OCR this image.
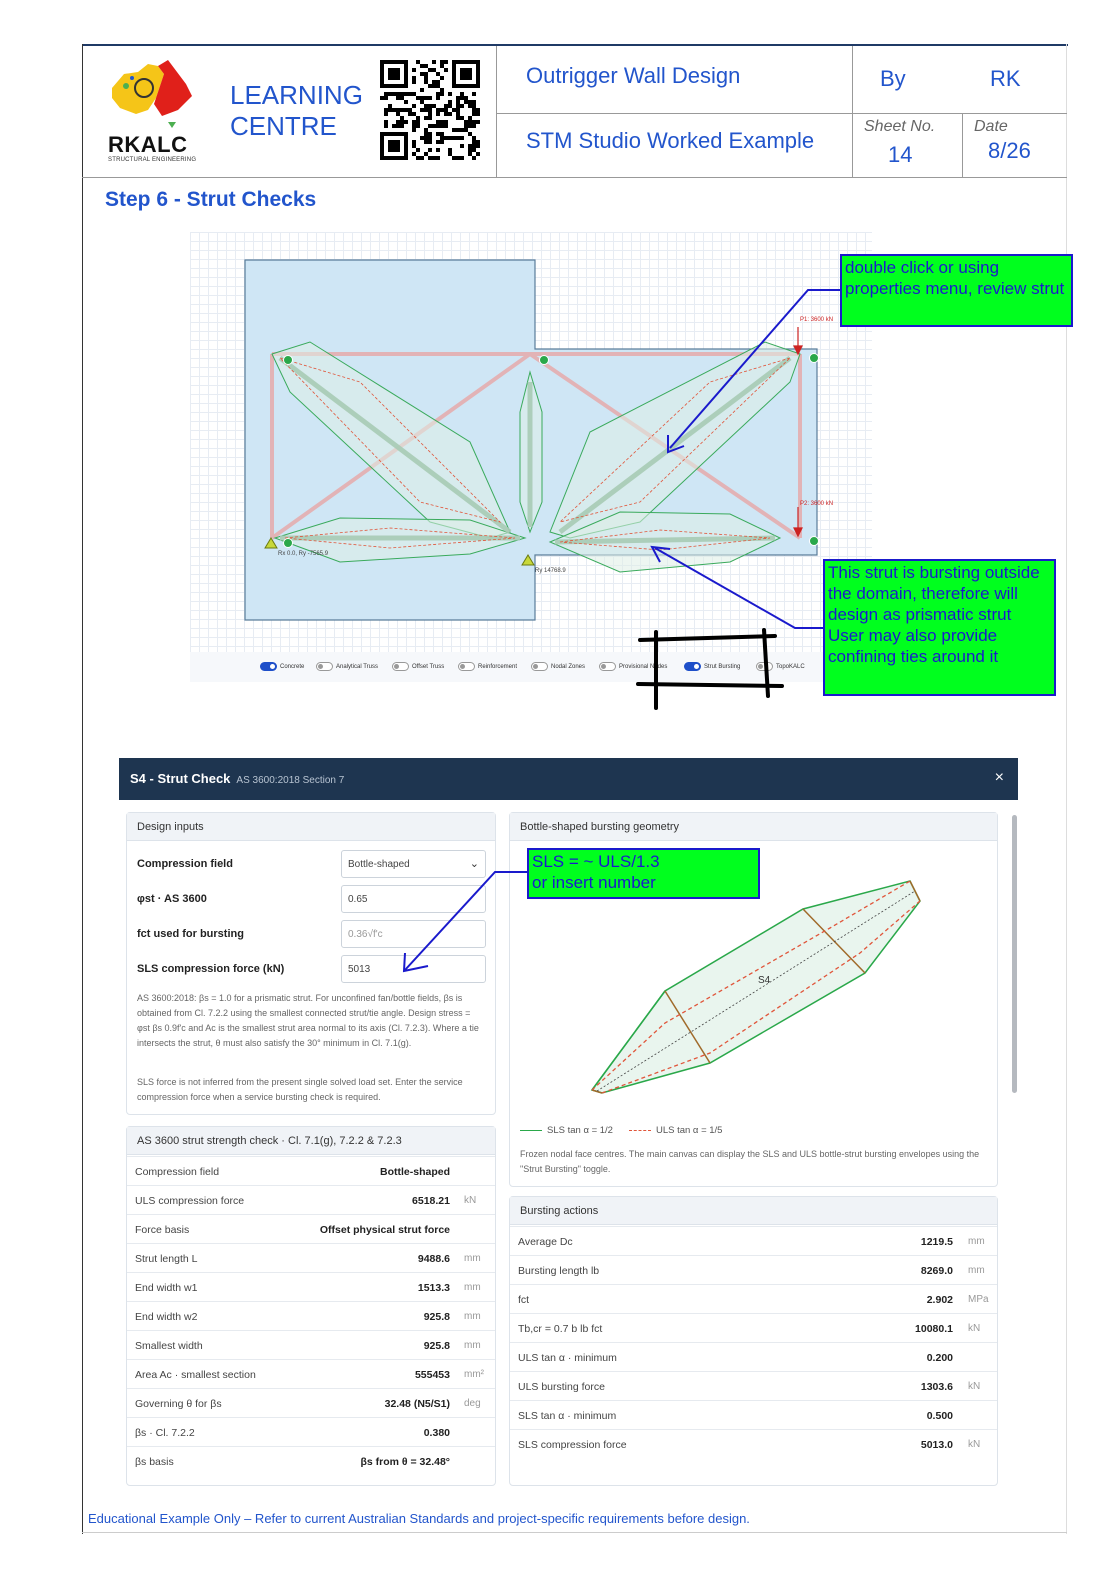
RKALC
STRUCTURAL ENGINEERING
LEARNING
CENTRE
Outrigger Wall Design
STM Studio Worked Example
By	RK
Sheet No.
14
Date
8/26
Step 6 - Strut Checks
P1: 3600 kN
P2: 3600 kN
Rx 0.0, Ry -7565.9
Ry 14768.9
Concrete	Analytical Truss	Offset Truss	Reinforcement	Nodal Zones	Provisional Nodes	Strut Bursting	TopoKALC
double click or using properties menu, review strut
This strut is bursting outside the domain, therefore will design as prismatic strut
User may also provide confining ties around it
S4 - Strut Check AS 3600:2018 Section 7	×
Design inputs
Compression field	Bottle-shaped	⌄
φst · AS 3600	0.65
fct used for bursting	0.36√f'c
SLS compression force (kN)	5013
AS 3600:2018: βs = 1.0 for a prismatic strut. For unconfined fan/bottle fields, βs is obtained from Cl. 7.2.2 using the smallest connected strut/tie angle. Design stress = φst βs 0.9f'c and Ac is the smallest strut area normal to its axis (Cl. 7.2.3). Where a tie intersects the strut, θ must also satisfy the 30° minimum in Cl. 7.1(g).
SLS force is not inferred from the present single solved load set. Enter the service compression force when a service bursting check is required.
AS 3600 strut strength check · Cl. 7.1(g), 7.2.2 & 7.2.3
Compression field	Bottle-shaped
ULS compression force	6518.21 kN
Force basis	Offset physical strut force
Strut length L	9488.6 mm
End width w1	1513.3 mm
End width w2	925.8 mm
Smallest width	925.8 mm
Area Ac · smallest section	555453 mm²
Governing θ for βs	32.48 (N5/S1) deg
βs · Cl. 7.2.2	0.380
βs basis	βs from θ = 32.48°
Bottle-shaped bursting geometry
S4
SLS tan α = 1/2	ULS tan α = 1/5
Frozen nodal face centres. The main canvas can display the SLS and ULS bottle-strut bursting envelopes using the "Strut Bursting" toggle.
Bursting actions
Average Dc	1219.5 mm
Bursting length lb	8269.0 mm
fct	2.902 MPa
Tb,cr = 0.7 b lb fct	10080.1 kN
ULS tan α · minimum	0.200
ULS bursting force	1303.6 kN
SLS tan α · minimum	0.500
SLS compression force	5013.0 kN
SLS = ~ ULS/1.3
or insert number
Educational Example Only – Refer to current Australian Standards and project-specific requirements before design.
